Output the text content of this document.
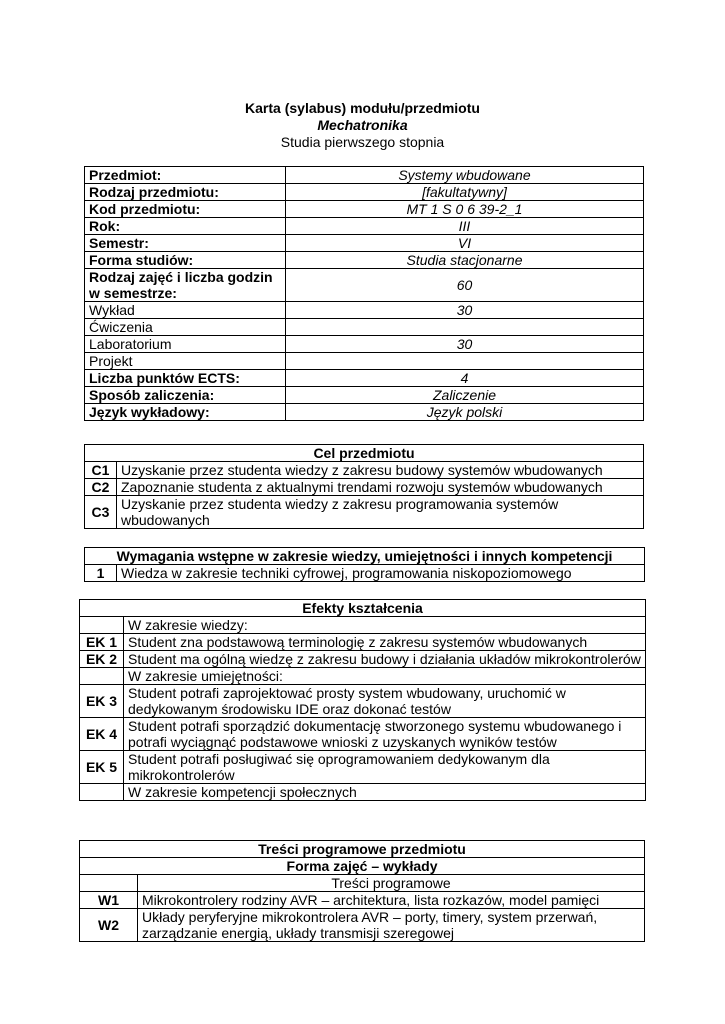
Karta (sylabus) modułu/przedmiotu
Mechatronika
Studia pierwszego stopnia
Przedmiot:	Systemy wbudowane
Rodzaj przedmiotu:	[fakultatywny]
Kod przedmiotu:	MT 1 S 0 6 39-2_1
Rok:	III
Semestr:	VI
Forma studiów:	Studia stacjonarne
Rodzaj zajęć i liczba godzin w semestrze:	60
Wykład	30
Ćwiczenia	
Laboratorium	30
Projekt	
Liczba punktów ECTS:	4
Sposób zaliczenia:	Zaliczenie
Język wykładowy:	Język polski
Cel przedmiotu	
C1	Uzyskanie przez studenta wiedzy z zakresu budowy systemów wbudowanych
C2	Zapoznanie studenta z aktualnymi trendami rozwoju systemów wbudowanych
C3	Uzyskanie przez studenta wiedzy z zakresu programowania systemów wbudowanych
Wymagania wstępne w zakresie wiedzy, umiejętności i innych kompetencji
1	Wiedza w zakresie techniki cyfrowej, programowania niskopoziomowego
Efekty kształcenia	
	W zakresie wiedzy:
EK 1	Student zna podstawową terminologię z zakresu systemów wbudowanych
EK 2	Student ma ogólną wiedzę z zakresu budowy i działania układów mikrokontrolerów
	W zakresie umiejętności:
EK 3	Student potrafi zaprojektować prosty system wbudowany, uruchomić w dedykowanym środowisku IDE oraz dokonać testów
EK 4	Student potrafi sporządzić dokumentację stworzonego systemu wbudowanego i potrafi wyciągnąć podstawowe wnioski z uzyskanych wyników testów
EK 5	Student potrafi posługiwać się oprogramowaniem dedykowanym dla mikrokontrolerów
	W zakresie kompetencji społecznych
Treści programowe przedmiotu	
Forma zajęć – wykłady	
	Treści programowe
W1	Mikrokontrolery rodziny AVR – architektura, lista rozkazów, model pamięci
W2	Układy peryferyjne mikrokontrolera AVR – porty, timery, system przerwań, zarządzanie energią, układy transmisji szeregowej
